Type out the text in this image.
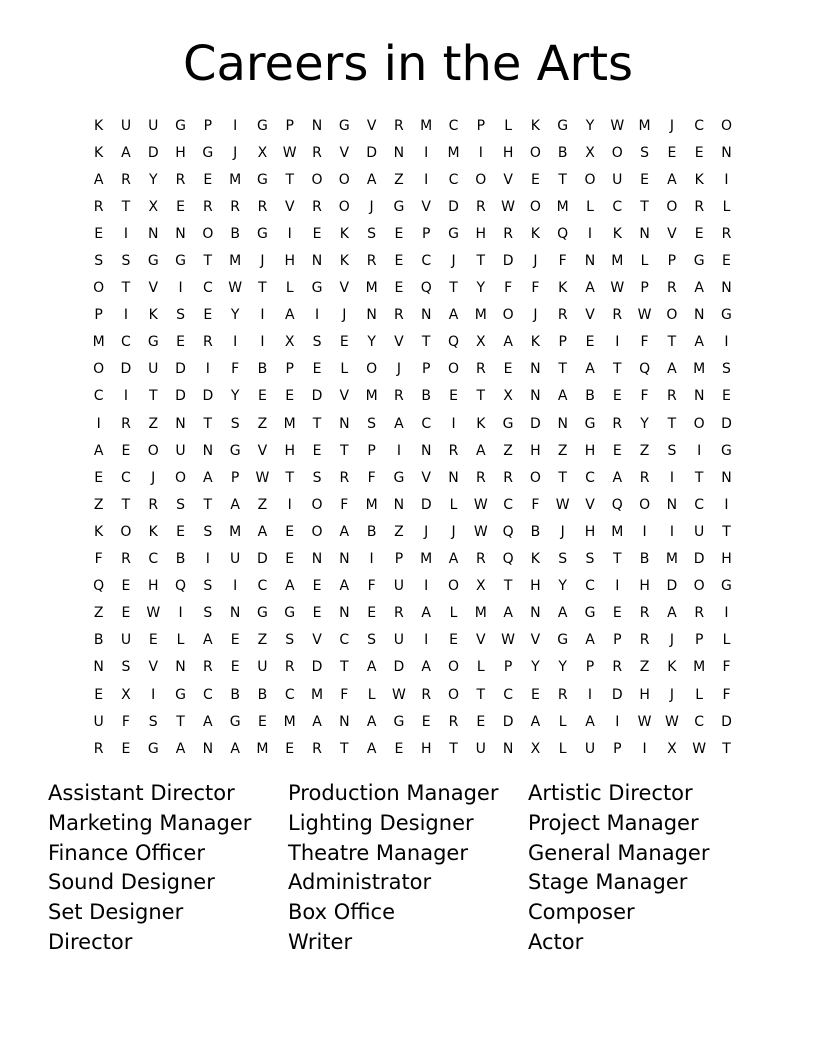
Careers in the Arts
K	U	U	G	P	I	G	P	N	G	V	R	M	C	P	L	K	G	Y	W	M	J	C	O
K	A	D	H	G	J	X	W	R	V	D	N	I	M	I	H	O	B	X	O	S	E	E	N
A	R	Y	R	E	M	G	T	O	O	A	Z	I	C	O	V	E	T	O	U	E	A	K	I
R	T	X	E	R	R	R	V	R	O	J	G	V	D	R	W	O	M	L	C	T	O	R	L
E	I	N	N	O	B	G	I	E	K	S	E	P	G	H	R	K	Q	I	K	N	V	E	R
S	S	G	G	T	M	J	H	N	K	R	E	C	J	T	D	J	F	N	M	L	P	G	E
O	T	V	I	C	W	T	L	G	V	M	E	Q	T	Y	F	F	K	A	W	P	R	A	N
P	I	K	S	E	Y	I	A	I	J	N	R	N	A	M	O	J	R	V	R	W	O	N	G
M	C	G	E	R	I	I	X	S	E	Y	V	T	Q	X	A	K	P	E	I	F	T	A	I
O	D	U	D	I	F	B	P	E	L	O	J	P	O	R	E	N	T	A	T	Q	A	M	S
C	I	T	D	D	Y	E	E	D	V	M	R	B	E	T	X	N	A	B	E	F	R	N	E
I	R	Z	N	T	S	Z	M	T	N	S	A	C	I	K	G	D	N	G	R	Y	T	O	D
A	E	O	U	N	G	V	H	E	T	P	I	N	R	A	Z	H	Z	H	E	Z	S	I	G
E	C	J	O	A	P	W	T	S	R	F	G	V	N	R	R	O	T	C	A	R	I	T	N
Z	T	R	S	T	A	Z	I	O	F	M	N	D	L	W	C	F	W	V	Q	O	N	C	I
K	O	K	E	S	M	A	E	O	A	B	Z	J	J	W	Q	B	J	H	M	I	I	U	T
F	R	C	B	I	U	D	E	N	N	I	P	M	A	R	Q	K	S	S	T	B	M	D	H
Q	E	H	Q	S	I	C	A	E	A	F	U	I	O	X	T	H	Y	C	I	H	D	O	G
Z	E	W	I	S	N	G	G	E	N	E	R	A	L	M	A	N	A	G	E	R	A	R	I
B	U	E	L	A	E	Z	S	V	C	S	U	I	E	V	W	V	G	A	P	R	J	P	L
N	S	V	N	R	E	U	R	D	T	A	D	A	O	L	P	Y	Y	P	R	Z	K	M	F
E	X	I	G	C	B	B	C	M	F	L	W	R	O	T	C	E	R	I	D	H	J	L	F
U	F	S	T	A	G	E	M	A	N	A	G	E	R	E	D	A	L	A	I	W W	C	D
R	E	G	A	N	A	M	E	R	T	A	E	H	T	U	N	X	L	U	P	I	X	W	T
Assistant Director	Production Manager	Artistic Director
Marketing Manager	Lighting Designer	Project Manager
Finance Officer	Theatre Manager	General Manager
Sound Designer	Administrator	Stage Manager
Set Designer	Box Office	Composer
Director	Writer	Actor
